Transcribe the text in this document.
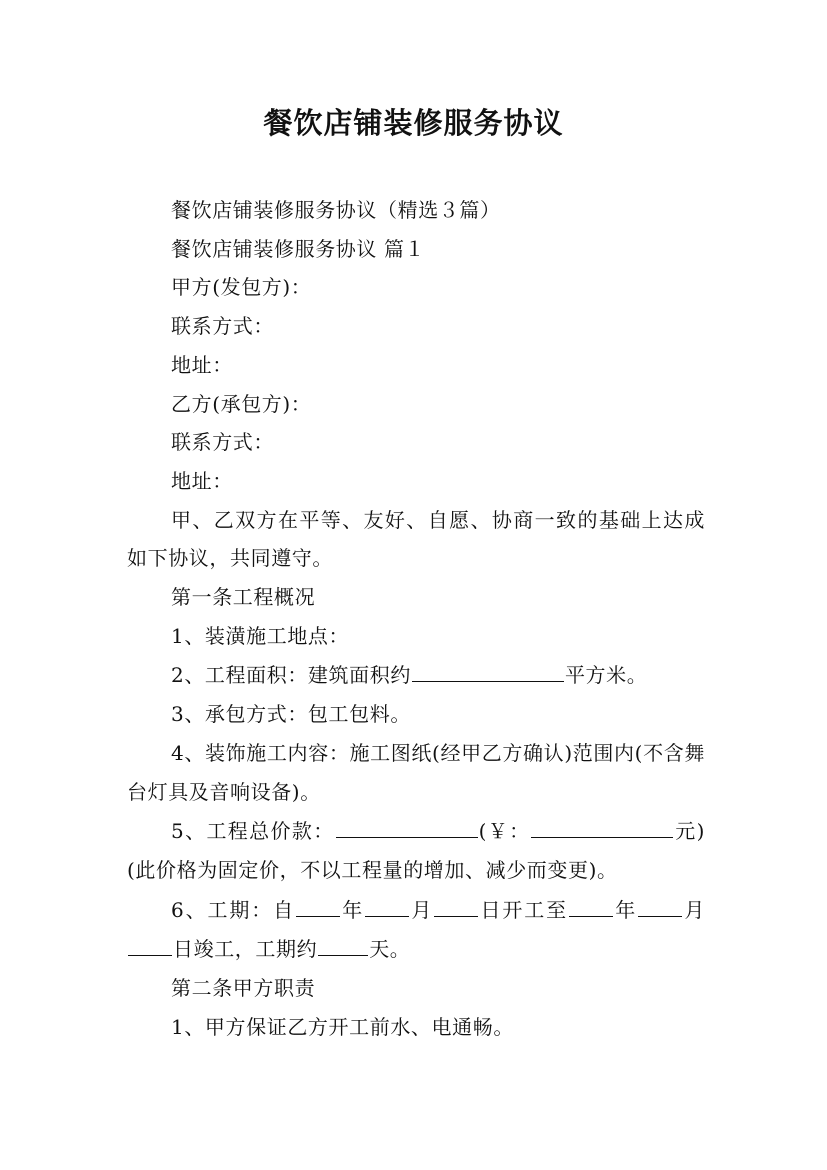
餐饮店铺装修服务协议

餐饮店铺装修服务协议（精选３篇）

餐饮店铺装修服务协议 篇１

甲方(发包方)：

联系方式：

地址：

乙方(承包方)：

联系方式：

地址：

甲、乙双方在平等、友好、自愿、协商一致的基础上达成如下协议，共同遵守。

第一条工程概况

1、装潢施工地点：

2、工程面积：建筑面积约	平方米。

3、承包方式：包工包料。

4、装饰施工内容：施工图纸(经甲乙方确认)范围内(不含舞台灯具及音响设备)。

5、工程总价款：	(￥：	元)(此价格为固定价，不以工程量的增加、减少而变更)。

6、工期：自 年 月 日开工至 年 月日竣工，工期约	天。

第二条甲方职责

1、甲方保证乙方开工前水、电通畅。
